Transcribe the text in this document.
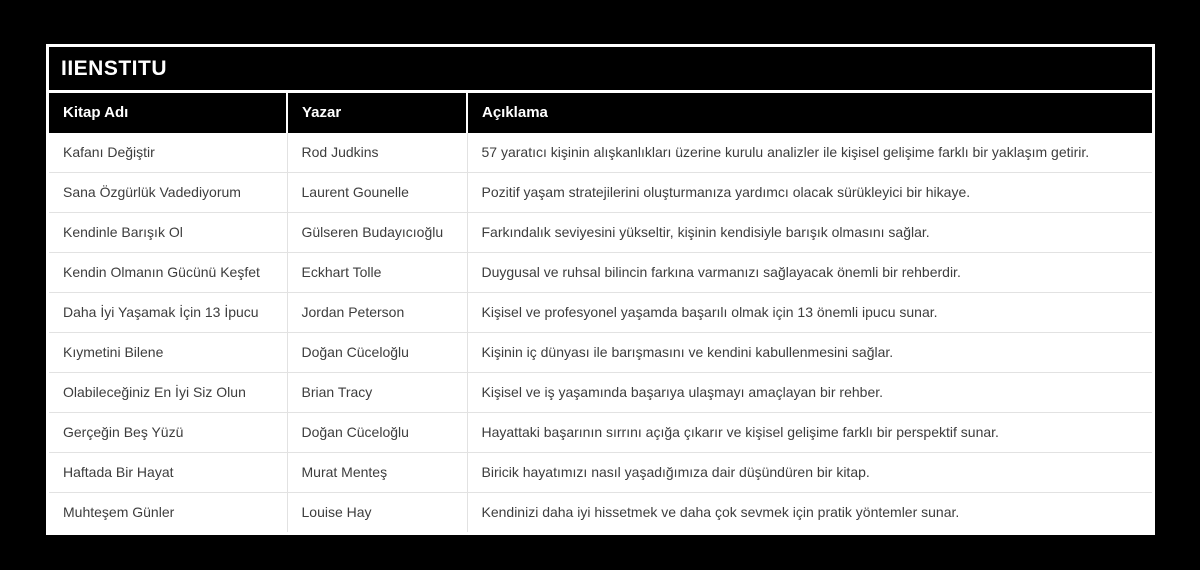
IIENSTITU
Kitap Adı	Yazar	Açıklama
Kafanı Değiştir	Rod Judkins	57 yaratıcı kişinin alışkanlıkları üzerine kurulu analizler ile kişisel gelişime farklı bir yaklaşım getirir.
Sana Özgürlük Vadediyorum	Laurent Gounelle	Pozitif yaşam stratejilerini oluşturmanıza yardımcı olacak sürükleyici bir hikaye.
Kendinle Barışık Ol	Gülseren Budayıcıoğlu	Farkındalık seviyesini yükseltir, kişinin kendisiyle barışık olmasını sağlar.
Kendin Olmanın Gücünü Keşfet	Eckhart Tolle	Duygusal ve ruhsal bilincin farkına varmanızı sağlayacak önemli bir rehberdir.
Daha İyi Yaşamak İçin 13 İpucu	Jordan Peterson	Kişisel ve profesyonel yaşamda başarılı olmak için 13 önemli ipucu sunar.
Kıymetini Bilene	Doğan Cüceloğlu	Kişinin iç dünyası ile barışmasını ve kendini kabullenmesini sağlar.
Olabileceğiniz En İyi Siz Olun	Brian Tracy	Kişisel ve iş yaşamında başarıya ulaşmayı amaçlayan bir rehber.
Gerçeğin Beş Yüzü	Doğan Cüceloğlu	Hayattaki başarının sırrını açığa çıkarır ve kişisel gelişime farklı bir perspektif sunar.
Haftada Bir Hayat	Murat Menteş	Biricik hayatımızı nasıl yaşadığımıza dair düşündüren bir kitap.
Muhteşem Günler	Louise Hay	Kendinizi daha iyi hissetmek ve daha çok sevmek için pratik yöntemler sunar.
